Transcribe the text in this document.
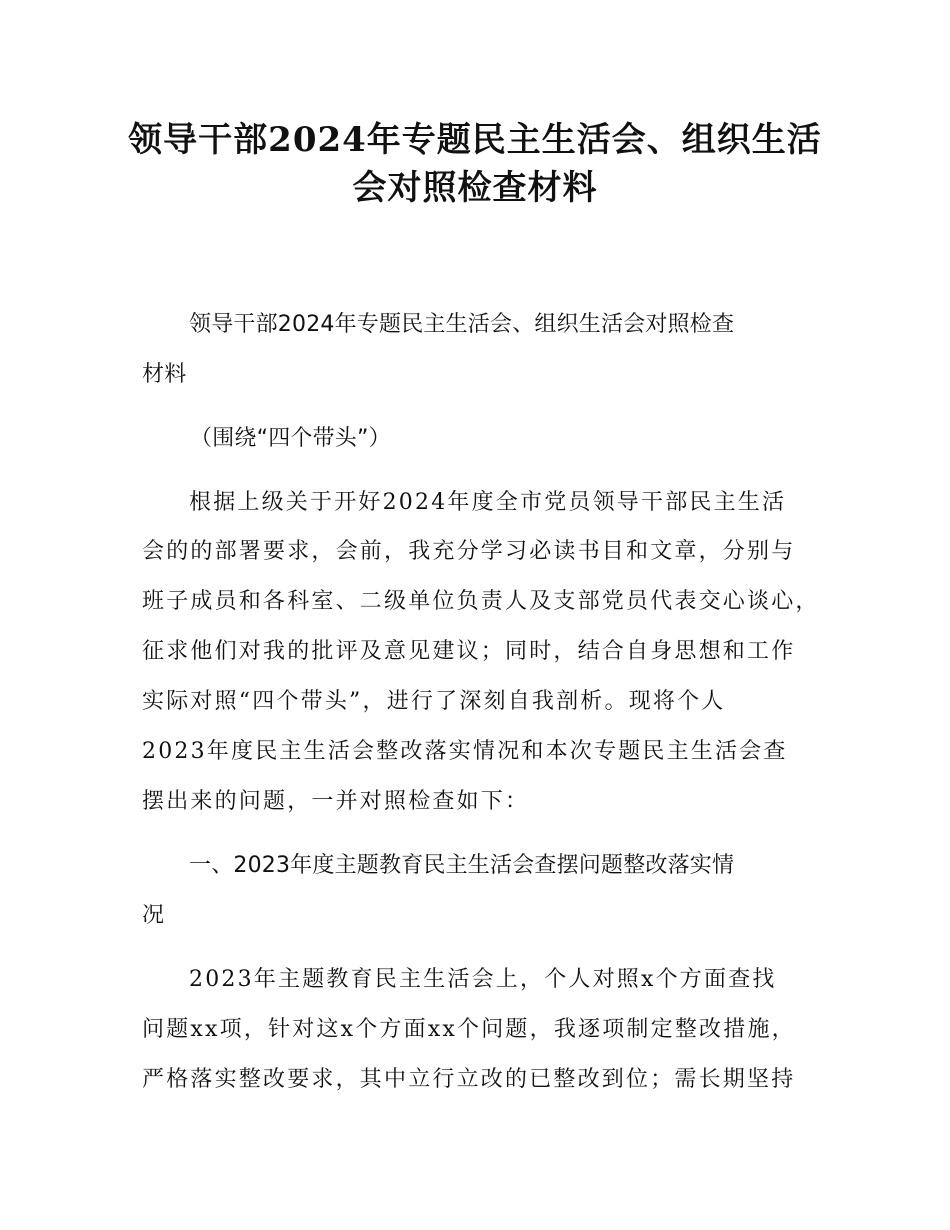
领导干部2024年专题民主生活会、组织生活
会对照检查材料
领导干部2024年专题民主生活会、组织生活会对照检查
材料
（围绕“四个带头”）
根据上级关于开好2024年度全市党员领导干部民主生活
会的的部署要求，会前，我充分学习必读书目和文章，分别与
班子成员和各科室、二级单位负责人及支部党员代表交心谈心，
征求他们对我的批评及意见建议；同时，结合自身思想和工作
实际对照“四个带头”，进行了深刻自我剖析。现将个人
2023年度民主生活会整改落实情况和本次专题民主生活会查
摆出来的问题，一并对照检查如下：
一、2023年度主题教育民主生活会查摆问题整改落实情
况
2023年主题教育民主生活会上，个人对照x个方面查找
问题xx项，针对这x个方面xx个问题，我逐项制定整改措施，
严格落实整改要求，其中立行立改的已整改到位；需长期坚持
